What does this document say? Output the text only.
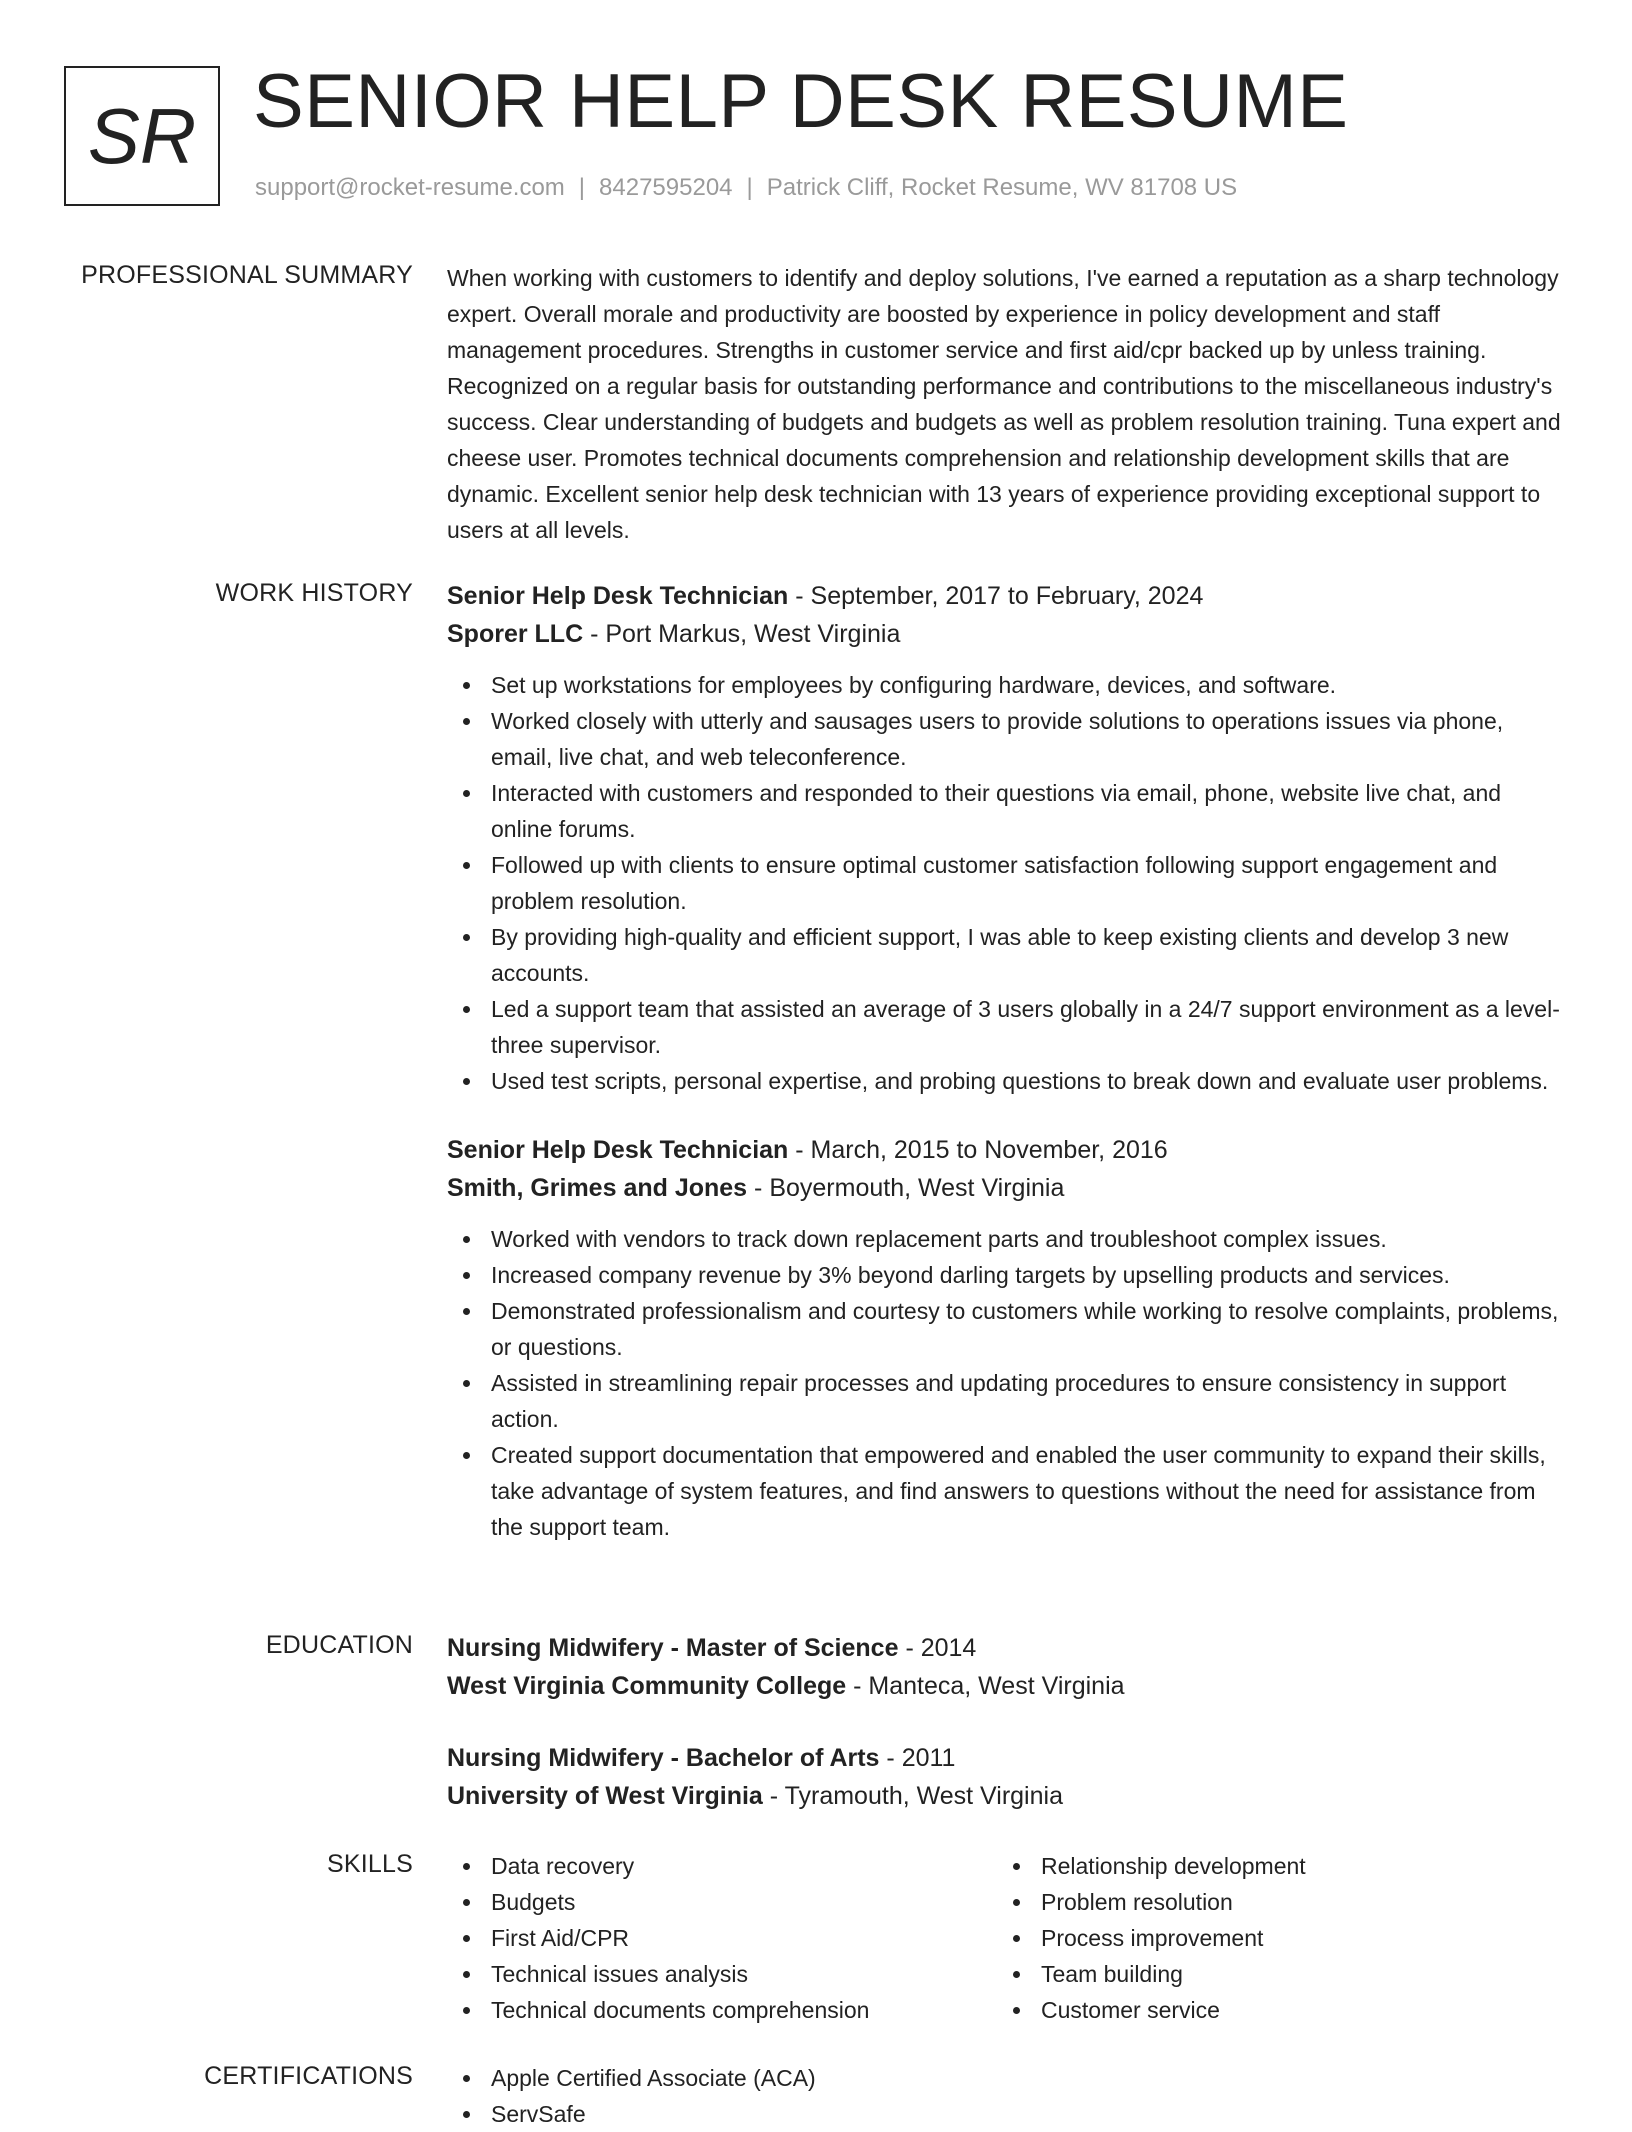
SR SENIOR HELP DESK RESUME
support@rocket-resume.com | 8427595204 | Patrick Cliff, Rocket Resume, WV 81708 US
PROFESSIONAL SUMMARY When working with customers to identify and deploy solutions, I've earned a reputation as a sharp technology expert. Overall morale and productivity are boosted by experience in policy development and staff management procedures. Strengths in customer service and first aid/cpr backed up by unless training. Recognized on a regular basis for outstanding performance and contributions to the miscellaneous industry's success. Clear understanding of budgets and budgets as well as problem resolution training. Tuna expert and cheese user. Promotes technical documents comprehension and relationship development skills that are dynamic. Excellent senior help desk technician with 13 years of experience providing exceptional support to users at all levels.

WORK HISTORY Senior Help Desk Technician - September, 2017 to February, 2024

Sporer LLC - Port Markus, West Virginia

Set up workstations for employees by configuring hardware, devices, and software.
Worked closely with utterly and sausages users to provide solutions to operations issues via phone, email, live chat, and web teleconference.
Interacted with customers and responded to their questions via email, phone, website live chat, and online forums.
Followed up with clients to ensure optimal customer satisfaction following support engagement and problem resolution.
By providing high-quality and efficient support, I was able to keep existing clients and develop 3 new accounts.
Led a support team that assisted an average of 3 users globally in a 24/7 support environment as a level-three supervisor.
Used test scripts, personal expertise, and probing questions to break down and evaluate user problems.

Senior Help Desk Technician - March, 2015 to November, 2016

Smith, Grimes and Jones - Boyermouth, West Virginia

Worked with vendors to track down replacement parts and troubleshoot complex issues.
Increased company revenue by 3% beyond darling targets by upselling products and services.
Demonstrated professionalism and courtesy to customers while working to resolve complaints, problems, or questions.
Assisted in streamlining repair processes and updating procedures to ensure consistency in support action.
Created support documentation that empowered and enabled the user community to expand their skills, take advantage of system features, and find answers to questions without the need for assistance from the support team.
EDUCATION Nursing Midwifery - Master of Science - 2014

West Virginia Community College - Manteca, West Virginia

Nursing Midwifery - Bachelor of Arts - 2011

University of West Virginia - Tyramouth, West Virginia

SKILLS	Data recovery
Budgets
First Aid/CPR
Technical issues analysis
Technical documents comprehension
Relationship development
Problem resolution
Process improvement
Team building
Customer service
CERTIFICATIONS	Apple Certified Associate (ACA)
ServSafe
